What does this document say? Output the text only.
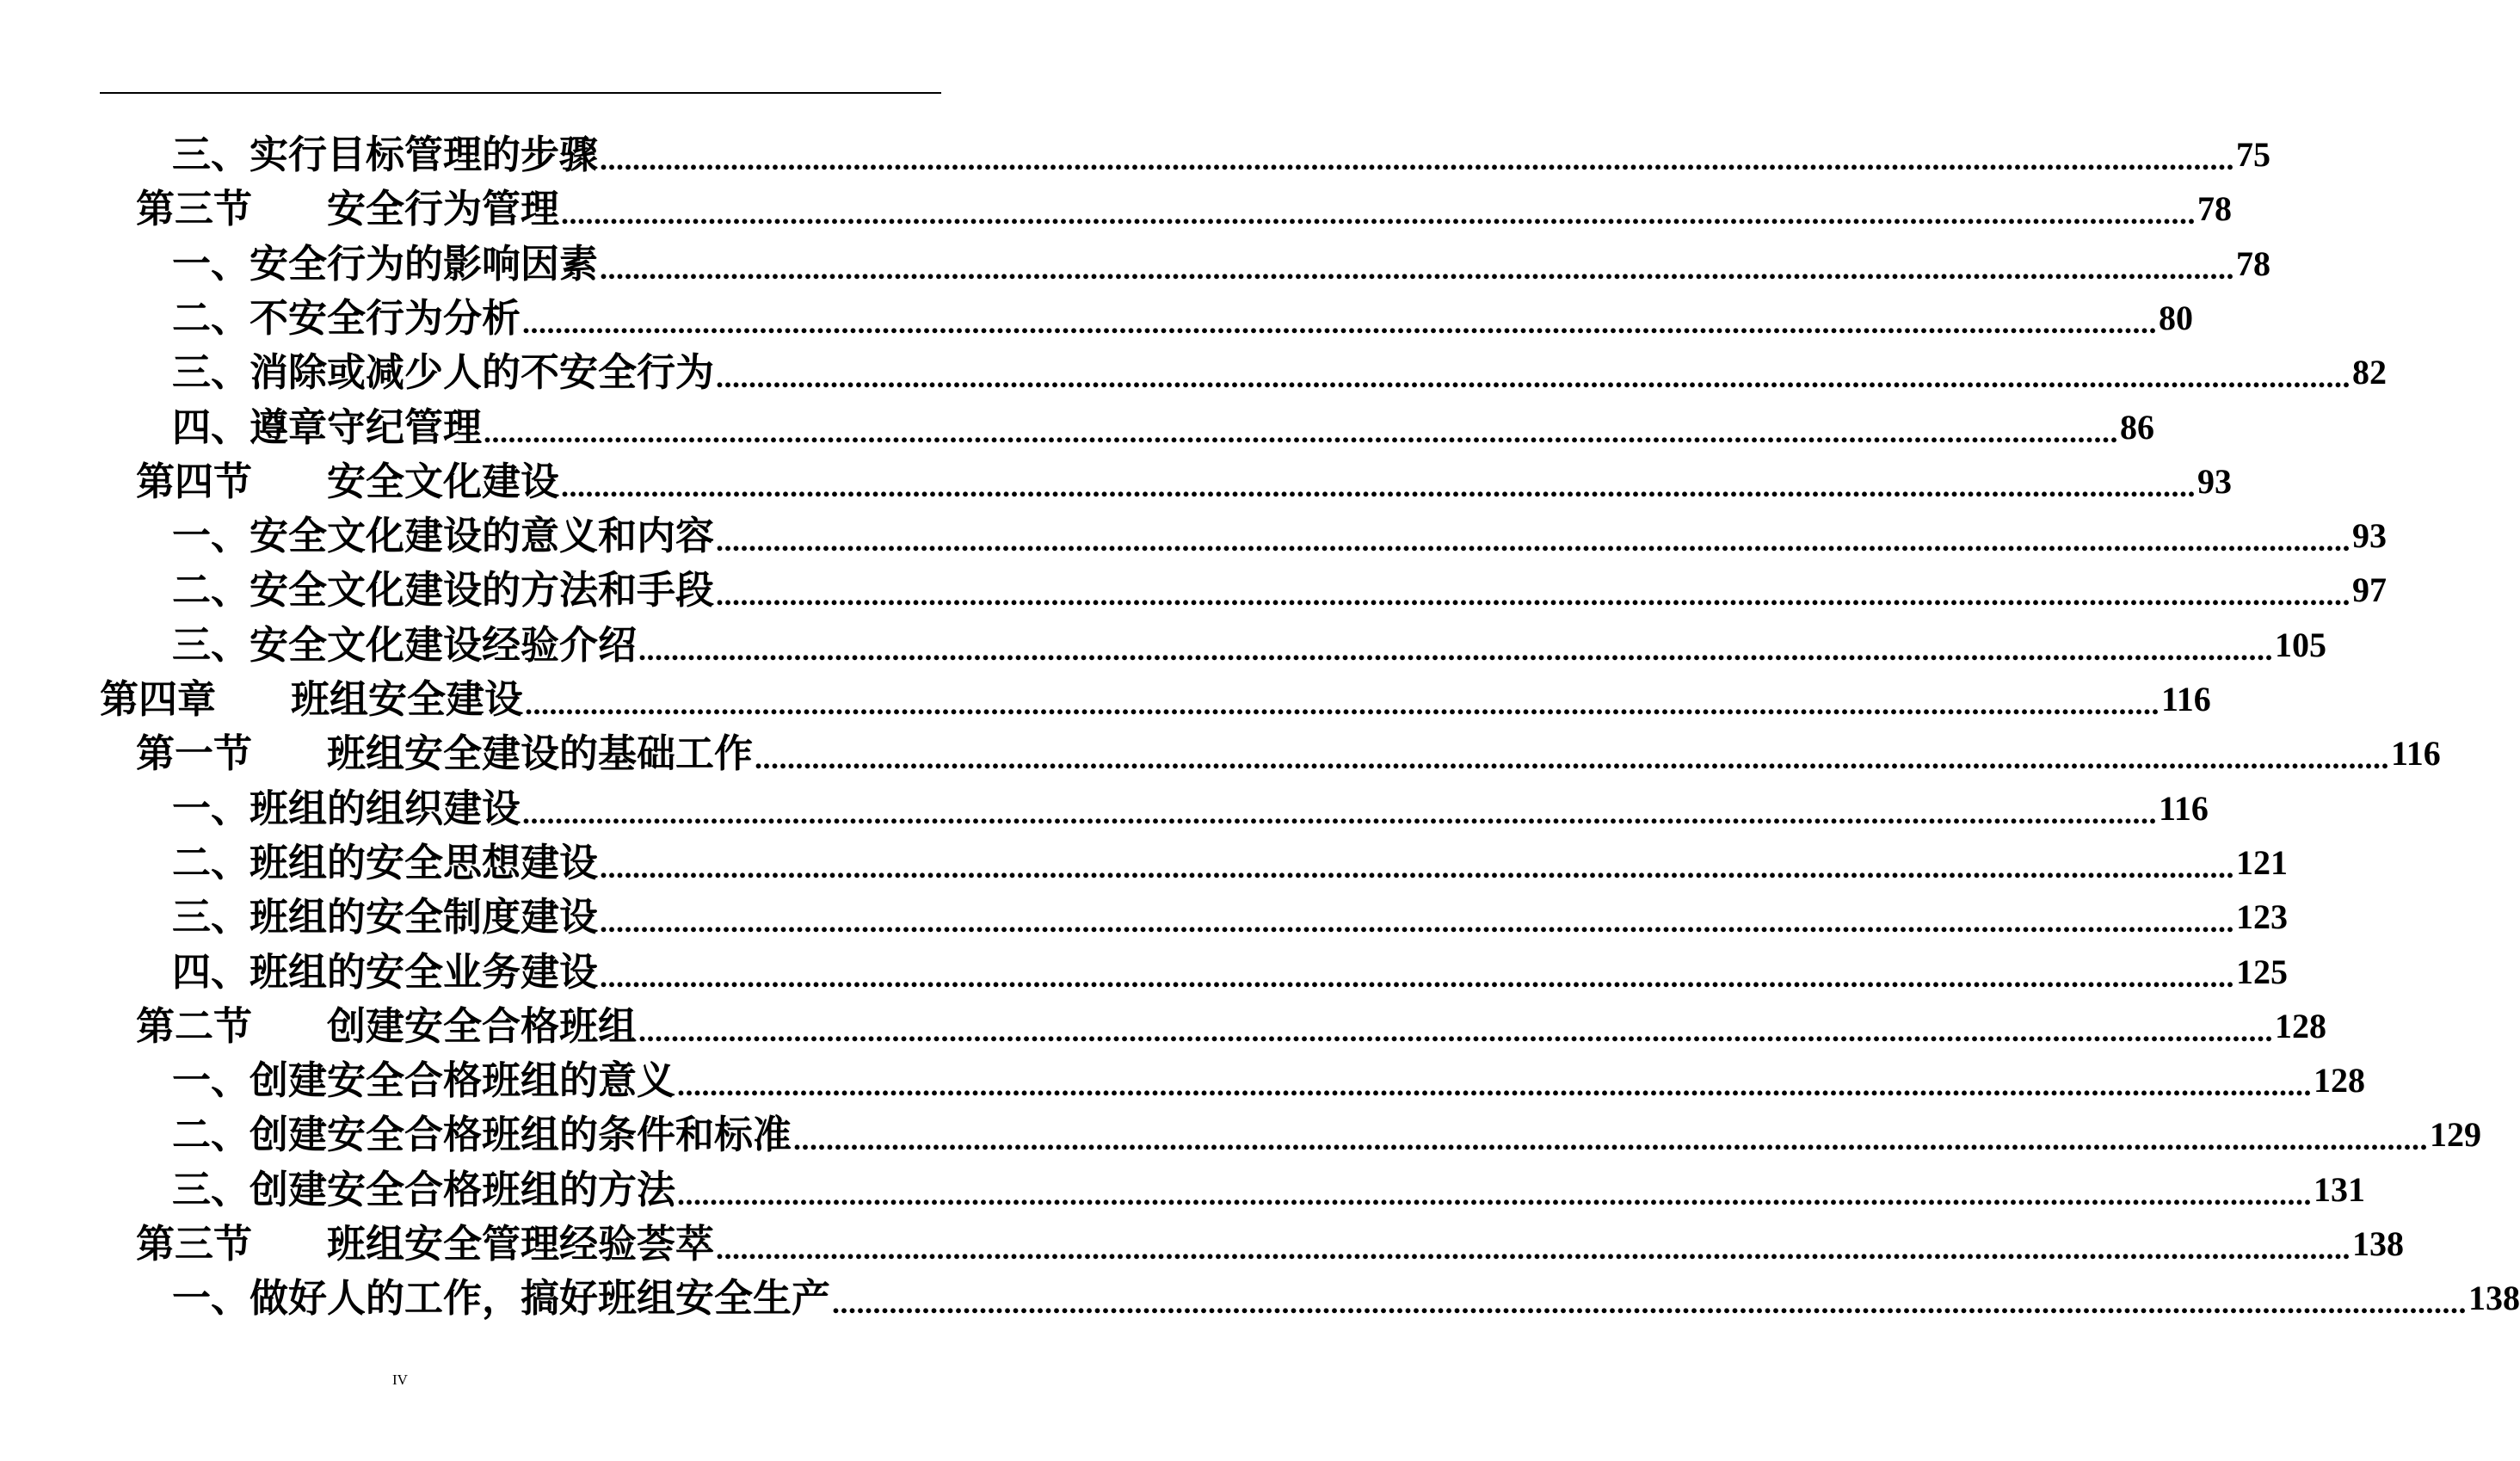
三、实行目标管理的步骤 ........................................................................................................................................................................................................ 75
第三节 安全行为管理 ........................................................................................................................................................................................................ 78
一、安全行为的影响因素 ........................................................................................................................................................................................................ 78
二、不安全行为分析 ........................................................................................................................................................................................................ 80
三、消除或减少人的不安全行为 ........................................................................................................................................................................................................ 82
四、遵章守纪管理 ........................................................................................................................................................................................................ 86
第四节 安全文化建设 ........................................................................................................................................................................................................ 93
一、安全文化建设的意义和内容 ........................................................................................................................................................................................................ 93
二、安全文化建设的方法和手段 ........................................................................................................................................................................................................ 97
三、安全文化建设经验介绍 ........................................................................................................................................................................................................ 105
第四章 班组安全建设 ........................................................................................................................................................................................................ 116
第一节 班组安全建设的基础工作 ........................................................................................................................................................................................................ 116
一、班组的组织建设 ........................................................................................................................................................................................................ 116
二、班组的安全思想建设 ........................................................................................................................................................................................................ 121
三、班组的安全制度建设 ........................................................................................................................................................................................................ 123
四、班组的安全业务建设 ........................................................................................................................................................................................................ 125
第二节 创建安全合格班组 ........................................................................................................................................................................................................ 128
一、创建安全合格班组的意义 ........................................................................................................................................................................................................ 128
二、创建安全合格班组的条件和标准 ........................................................................................................................................................................................................ 129
三、创建安全合格班组的方法 ........................................................................................................................................................................................................ 131
第三节 班组安全管理经验荟萃 ........................................................................................................................................................................................................ 138
一、做好人的工作，搞好班组安全生产 ........................................................................................................................................................................................................ 138
IV
